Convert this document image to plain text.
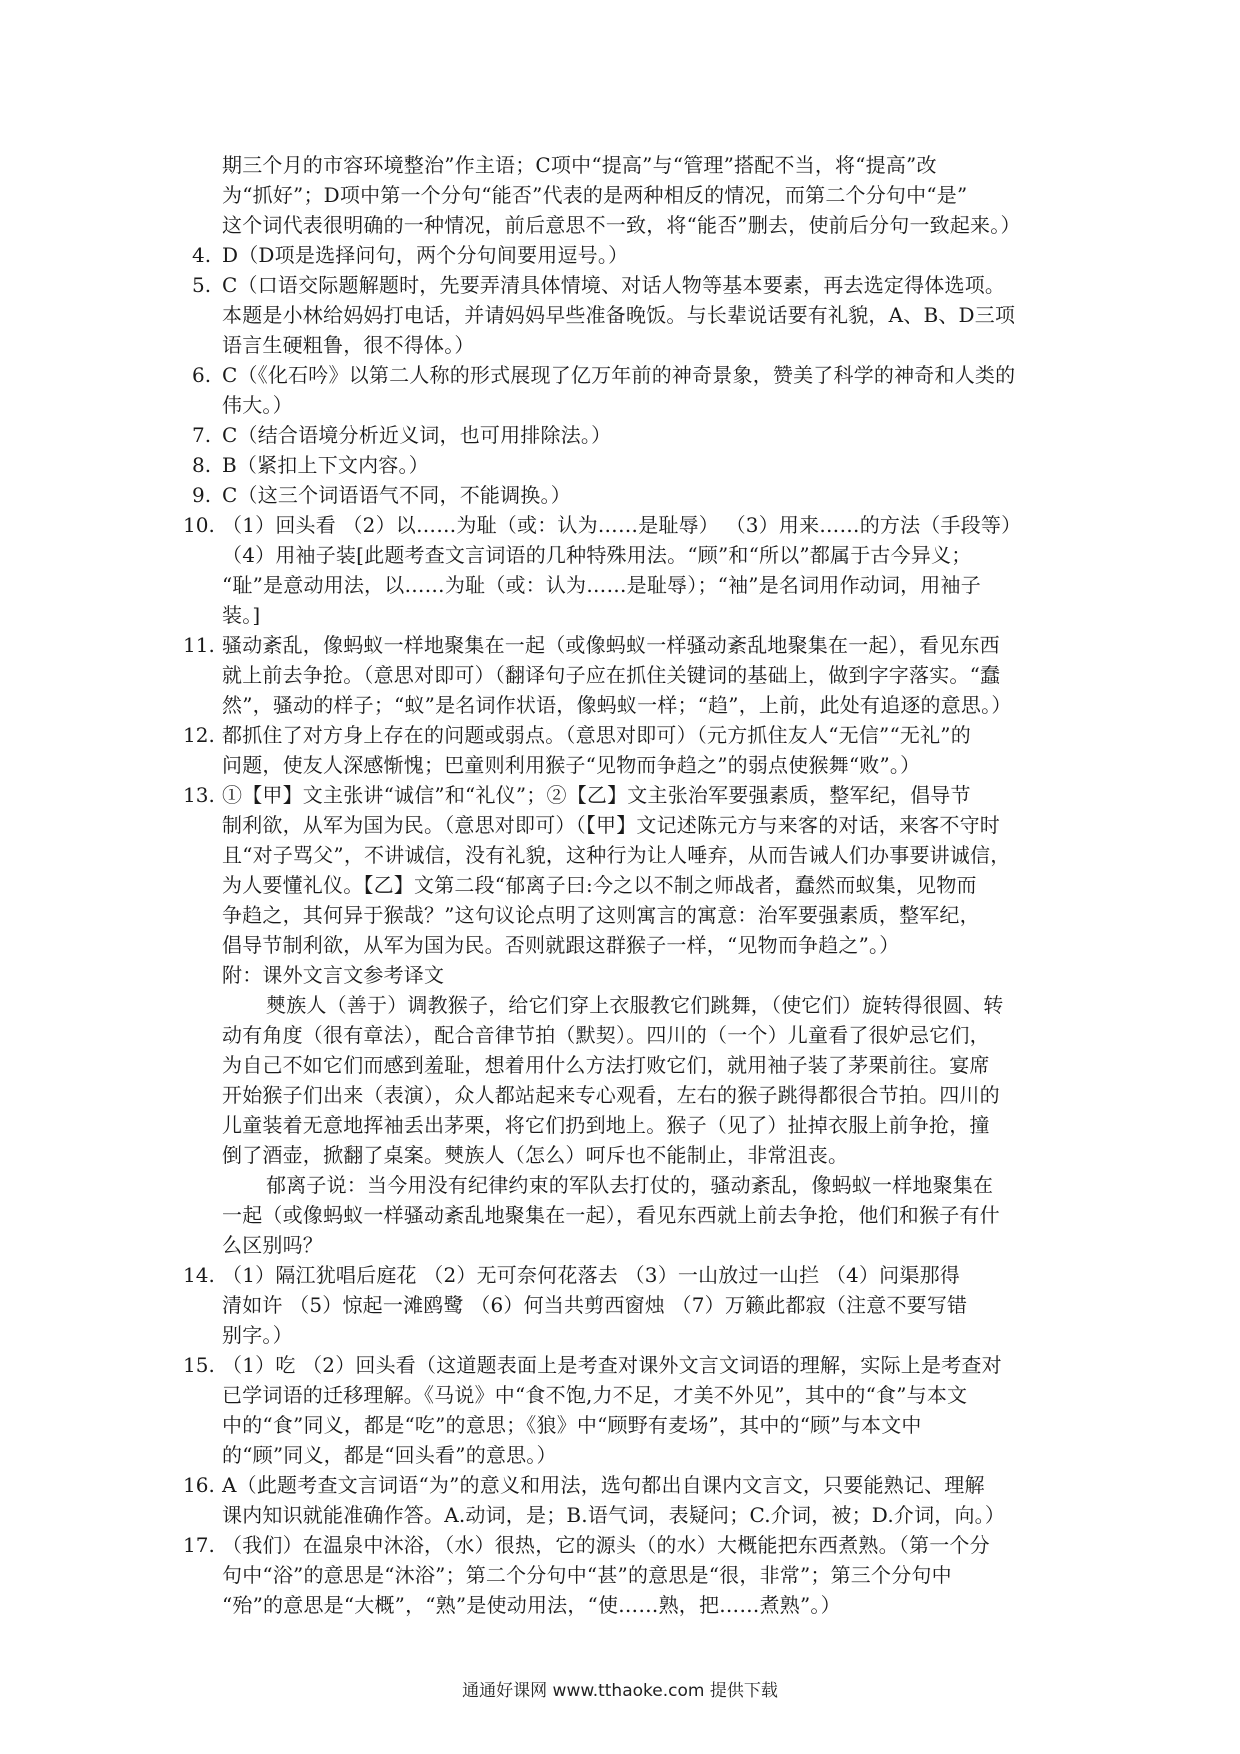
期三个月的市容环境整治”作主语；C项中“提高”与“管理”搭配不当，将“提高”改
为“抓好”；D项中第一个分句“能否”代表的是两种相反的情况，而第二个分句中“是”
这个词代表很明确的一种情况，前后意思不一致，将“能否”删去，使前后分句一致起来。）
4. D（D项是选择问句，两个分句间要用逗号。）
5. C（口语交际题解题时，先要弄清具体情境、对话人物等基本要素，再去选定得体选项。
本题是小林给妈妈打电话，并请妈妈早些准备晚饭。与长辈说话要有礼貌，A、B、D三项
语言生硬粗鲁，很不得体。）
6. C（《化石吟》以第二人称的形式展现了亿万年前的神奇景象，赞美了科学的神奇和人类的
伟大。）
7. C（结合语境分析近义词，也可用排除法。）
8. B（紧扣上下文内容。）
9. C（这三个词语语气不同，不能调换。）
10. （1）回头看 （2）以……为耻（或：认为……是耻辱） （3）用来……的方法（手段等）
（4）用袖子装[此题考查文言词语的几种特殊用法。“顾”和“所以”都属于古今异义；
“耻”是意动用法，以……为耻（或：认为……是耻辱）；“袖”是名词用作动词，用袖子
装。]
11. 骚动紊乱，像蚂蚁一样地聚集在一起（或像蚂蚁一样骚动紊乱地聚集在一起），看见东西
就上前去争抢。（意思对即可）（翻译句子应在抓住关键词的基础上，做到字字落实。“蠢
然”，骚动的样子；“蚁”是名词作状语，像蚂蚁一样；“趋”，上前，此处有追逐的意思。）
12. 都抓住了对方身上存在的问题或弱点。（意思对即可）（元方抓住友人“无信”“无礼”的
问题，使友人深感惭愧；巴童则利用猴子“见物而争趋之”的弱点使猴舞“败”。）
13. ①【甲】文主张讲“诚信”和“礼仪”；②【乙】文主张治军要强素质，整军纪，倡导节
制利欲，从军为国为民。（意思对即可）（【甲】文记述陈元方与来客的对话，来客不守时
且“对子骂父”，不讲诚信，没有礼貌，这种行为让人唾弃，从而告诫人们办事要讲诚信，
为人要懂礼仪。【乙】文第二段“郁离子曰:今之以不制之师战者，蠢然而蚁集，见物而
争趋之，其何异于猴哉？”这句议论点明了这则寓言的寓意：治军要强素质，整军纪，
倡导节制利欲，从军为国为民。否则就跟这群猴子一样，“见物而争趋之”。）
附：课外文言文参考译文
僰族人（善于）调教猴子，给它们穿上衣服教它们跳舞，（使它们）旋转得很圆、转
动有角度（很有章法），配合音律节拍（默契）。四川的（一个）儿童看了很妒忌它们，
为自己不如它们而感到羞耻，想着用什么方法打败它们，就用袖子装了茅栗前往。宴席
开始猴子们出来（表演），众人都站起来专心观看，左右的猴子跳得都很合节拍。四川的
儿童装着无意地挥袖丢出茅栗，将它们扔到地上。猴子（见了）扯掉衣服上前争抢，撞
倒了酒壶，掀翻了桌案。僰族人（怎么）呵斥也不能制止，非常沮丧。
郁离子说：当今用没有纪律约束的军队去打仗的，骚动紊乱，像蚂蚁一样地聚集在
一起（或像蚂蚁一样骚动紊乱地聚集在一起），看见东西就上前去争抢，他们和猴子有什
么区别吗？
14. （1）隔江犹唱后庭花 （2）无可奈何花落去 （3）一山放过一山拦 （4）问渠那得
清如许 （5）惊起一滩鸥鹭 （6）何当共剪西窗烛 （7）万籁此都寂（注意不要写错
别字。）
15. （1）吃 （2）回头看（这道题表面上是考查对课外文言文词语的理解，实际上是考查对
已学词语的迁移理解。《马说》中“食不饱,力不足，才美不外见”，其中的“食”与本文
中的“食”同义，都是“吃”的意思；《狼》中“顾野有麦场”，其中的“顾”与本文中
的“顾”同义，都是“回头看”的意思。）
16. A（此题考查文言词语“为”的意义和用法，选句都出自课内文言文，只要能熟记、理解
课内知识就能准确作答。A.动词，是；B.语气词，表疑问；C.介词，被；D.介词，向。）
17. （我们）在温泉中沐浴，（水）很热，它的源头（的水）大概能把东西煮熟。（第一个分
句中“浴”的意思是“沐浴”；第二个分句中“甚”的意思是“很，非常”；第三个分句中
“殆”的意思是“大概”，“熟”是使动用法，“使……熟，把……煮熟”。）
通通好课网 www.tthaoke.com 提供下载
